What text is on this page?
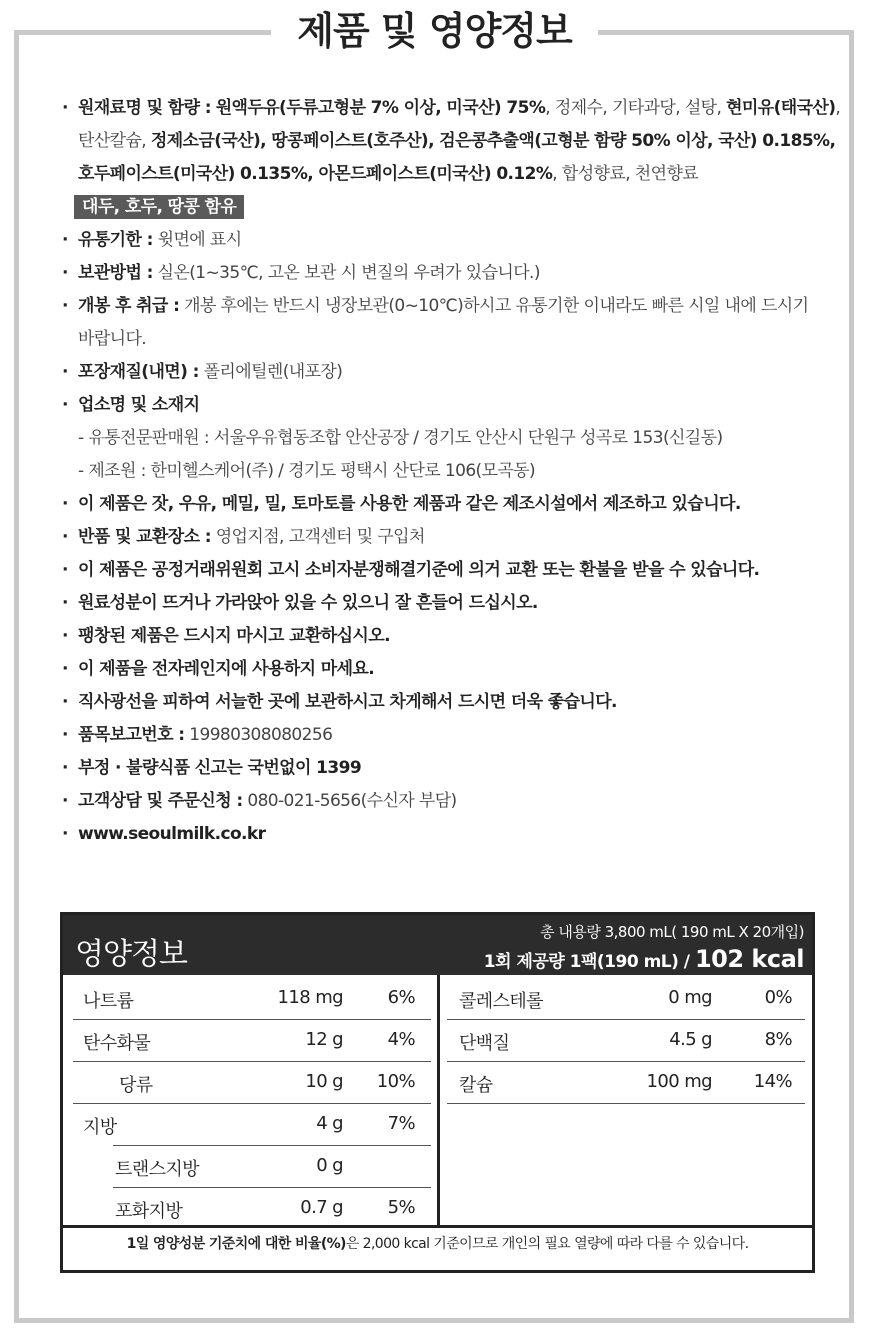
제품 및 영양정보
· 원재료명 및 함량 : 원액두유(두류고형분 7% 이상, 미국산) 75%, 정제수, 기타과당, 설탕, 현미유(태국산),
탄산칼슘, 정제소금(국산), 땅콩페이스트(호주산), 검은콩추출액(고형분 함량 50% 이상, 국산) 0.185%,
호두페이스트(미국산) 0.135%, 아몬드페이스트(미국산) 0.12%, 합성향료, 천연향료
대두, 호두, 땅콩 함유
· 유통기한 : 윗면에 표시
· 보관방법 : 실온(1~35℃, 고온 보관 시 변질의 우려가 있습니다.)
· 개봉 후 취급 : 개봉 후에는 반드시 냉장보관(0~10℃)하시고 유통기한 이내라도 빠른 시일 내에 드시기
바랍니다.
· 포장재질(내면) : 폴리에틸렌(내포장)
· 업소명 및 소재지
- 유통전문판매원 : 서울우유협동조합 안산공장 / 경기도 안산시 단원구 성곡로 153(신길동)
- 제조원 : 한미헬스케어(주) / 경기도 평택시 산단로 106(모곡동)
· 이 제품은 잣, 우유, 메밀, 밀, 토마토를 사용한 제품과 같은 제조시설에서 제조하고 있습니다.
· 반품 및 교환장소 : 영업지점, 고객센터 및 구입처
· 이 제품은 공정거래위원회 고시 소비자분쟁해결기준에 의거 교환 또는 환불을 받을 수 있습니다.
· 원료성분이 뜨거나 가라앉아 있을 수 있으니 잘 흔들어 드십시오.
· 팽창된 제품은 드시지 마시고 교환하십시오.
· 이 제품을 전자레인지에 사용하지 마세요.
· 직사광선을 피하여 서늘한 곳에 보관하시고 차게해서 드시면 더욱 좋습니다.
· 품목보고번호 : 19980308080256
· 부정 · 불량식품 신고는 국번없이 1399
· 고객상담 및 주문신청 : 080-021-5656(수신자 부담)
· www.seoulmilk.co.kr
영양정보
총 내용량 3,800 mL( 190 mL X 20개입)
1회 제공량 1팩(190 mL) / 102 kcal
나트륨	118 mg	6%
탄수화물	12 g	4%
당류	10 g	10%
지방	4 g	7%
트랜스지방	0 g
포화지방	0.7 g	5%
콜레스테롤	0 mg	0%
단백질	4.5 g	8%
칼슘	100 mg	14%
1일 영양성분 기준치에 대한 비율(%)은 2,000 kcal 기준이므로 개인의 필요 열량에 따라 다를 수 있습니다.
